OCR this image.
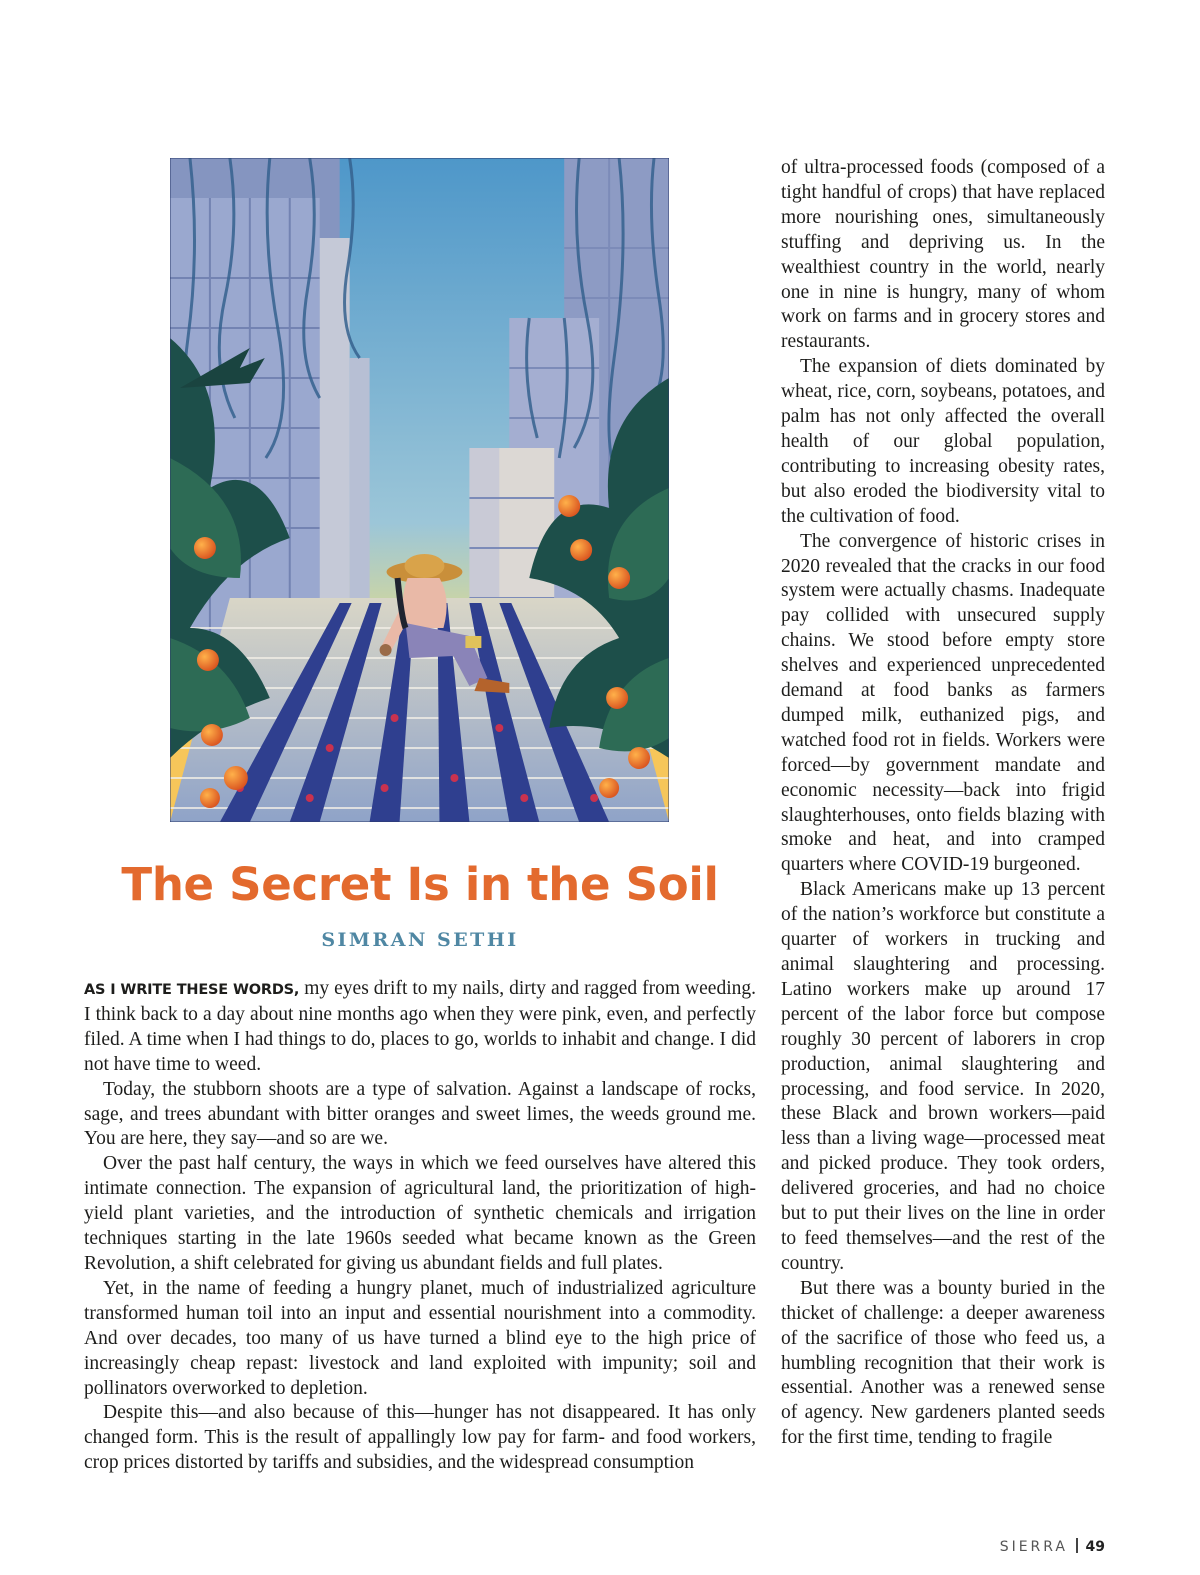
The Secret Is in the Soil
SIMRAN SETHI

AS I WRITE THESE WORDS, my eyes drift to my nails, dirty and ragged from weeding. I think back to a day about nine months ago when they were pink, even, and perfectly filed. A time when I had things to do, places to go, worlds to inhabit and change. I did not have time to weed.

Today, the stubborn shoots are a type of salvation. Against a landscape of rocks, sage, and trees abundant with bitter oranges and sweet limes, the weeds ground me. You are here, they say—and so are we.

Over the past half century, the ways in which we feed ourselves have altered this intimate connection. The expansion of agricultural land, the prioritization of high-yield plant varieties, and the introduction of synthetic chemicals and irrigation techniques starting in the late 1960s seeded what became known as the Green Revolution, a shift celebrated for giving us abundant fields and full plates.

Yet, in the name of feeding a hungry planet, much of industrialized agriculture transformed human toil into an input and essential nourishment into a commodity. And over decades, too many of us have turned a blind eye to the high price of increasingly cheap repast: livestock and land exploited with impunity; soil and pollinators overworked to depletion.

Despite this—and also because of this—hunger has not disappeared. It has only changed form. This is the result of appallingly low pay for farm- and food workers, crop prices distorted by tariffs and subsidies, and the widespread consumption

of ultra-processed foods (composed of a tight handful of crops) that have replaced more nourishing ones, simultaneously stuffing and depriving us. In the wealthiest country in the world, nearly one in nine is hungry, many of whom work on farms and in grocery stores and restaurants.

The expansion of diets dominated by wheat, rice, corn, soybeans, potatoes, and palm has not only affected the overall health of our global population, contributing to increasing obesity rates, but also eroded the biodiversity vital to the cultivation of food.

The convergence of historic crises in 2020 revealed that the cracks in our food system were actually chasms. Inadequate pay collided with unsecured supply chains. We stood before empty store shelves and experienced unprecedented demand at food banks as farmers dumped milk, euthanized pigs, and watched food rot in fields. Workers were forced—by government mandate and economic necessity—back into frigid slaughterhouses, onto fields blazing with smoke and heat, and into cramped quarters where COVID-19 burgeoned.

Black Americans make up 13 percent of the nation’s workforce but constitute a quarter of workers in trucking and animal slaughtering and processing. Latino workers make up around 17 percent of the labor force but compose roughly 30 percent of laborers in crop production, animal slaughtering and processing, and food service. In 2020, these Black and brown workers—paid less than a living wage—processed meat and picked produce. They took orders, delivered groceries, and had no choice but to put their lives on the line in order to feed themselves—and the rest of the country.

But there was a bounty buried in the thicket of challenge: a deeper awareness of the sacrifice of those who feed us, a humbling recognition that their work is essential. Another was a renewed sense of agency. New gardeners planted seeds for the first time, tending to fragile

SIERRA 49
